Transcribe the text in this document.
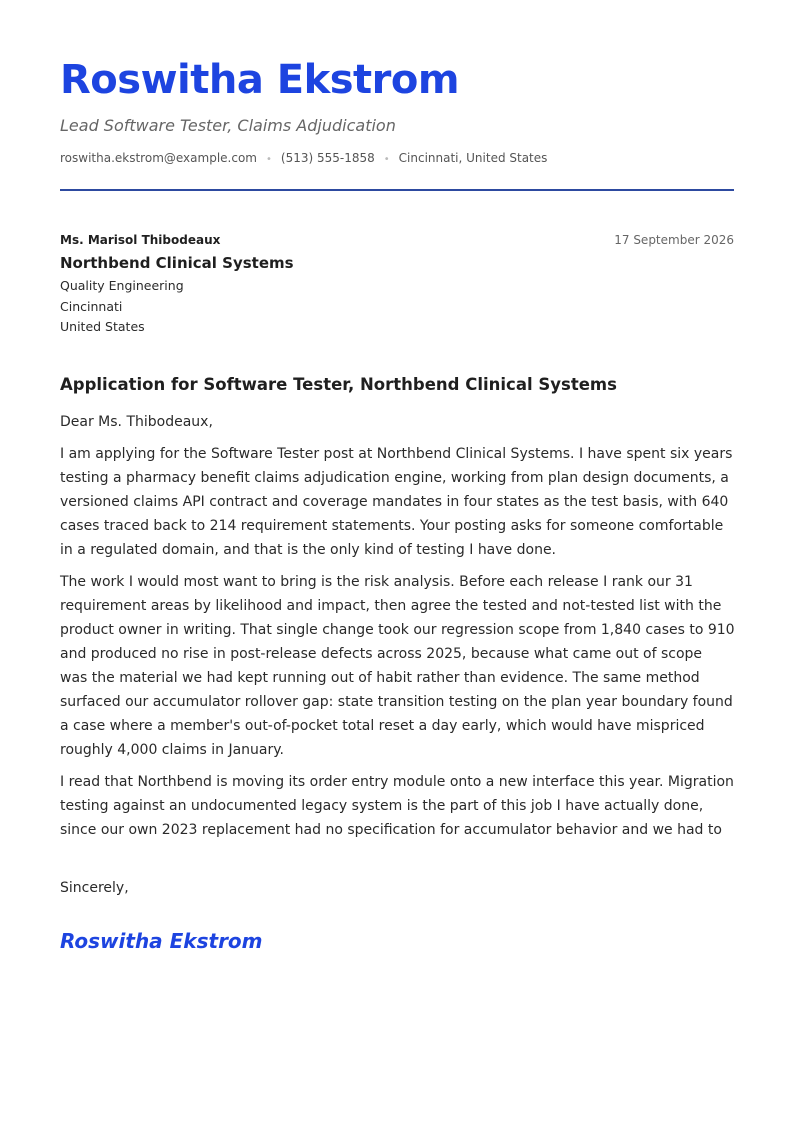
Roswitha Ekstrom
Lead Software Tester, Claims Adjudication
roswitha.ekstrom@example.com • (513) 555-1858 • Cincinnati, United States
Ms. Marisol Thibodeaux	17 September 2026
Northbend Clinical Systems
Quality Engineering
Cincinnati
United States
Application for Software Tester, Northbend Clinical Systems
Dear Ms. Thibodeaux,

I am applying for the Software Tester post at Northbend Clinical Systems. I have spent six years
testing a pharmacy benefit claims adjudication engine, working from plan design documents, a
versioned claims API contract and coverage mandates in four states as the test basis, with 640
cases traced back to 214 requirement statements. Your posting asks for someone comfortable
in a regulated domain, and that is the only kind of testing I have done.

The work I would most want to bring is the risk analysis. Before each release I rank our 31
requirement areas by likelihood and impact, then agree the tested and not-tested list with the
product owner in writing. That single change took our regression scope from 1,840 cases to 910
and produced no rise in post-release defects across 2025, because what came out of scope
was the material we had kept running out of habit rather than evidence. The same method
surfaced our accumulator rollover gap: state transition testing on the plan year boundary found
a case where a member's out-of-pocket total reset a day early, which would have mispriced
roughly 4,000 claims in January.

I read that Northbend is moving its order entry module onto a new interface this year. Migration
testing against an undocumented legacy system is the part of this job I have actually done,
since our own 2023 replacement had no specification for accumulator behavior and we had to

Sincerely,
Roswitha Ekstrom
